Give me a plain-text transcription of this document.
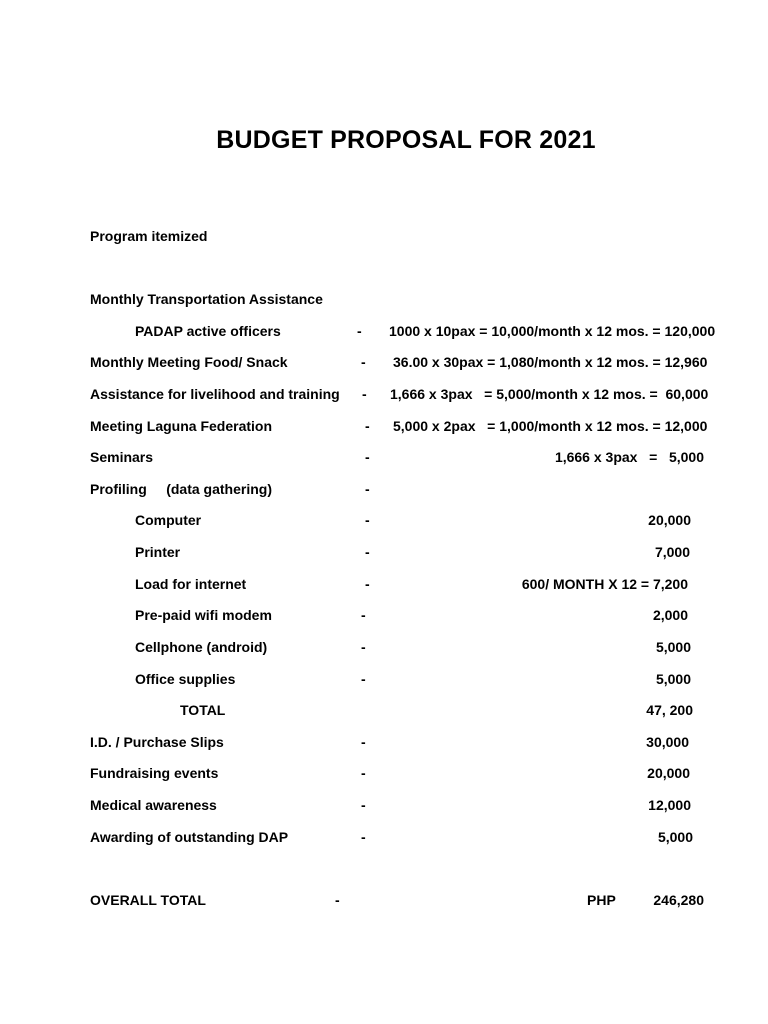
BUDGET PROPOSAL FOR 2021
Program itemized
Monthly Transportation Assistance
PADAP active officers	- 1000 x 10pax = 10,000/month x 12 mos. = 120,000
Monthly Meeting Food/ Snack	- 36.00 x 30pax = 1,080/month x 12 mos. = 12,960
Assistance for livelihood and training - 1,666 x 3pax   = 5,000/month x 12 mos. =  60,000
Meeting Laguna Federation	- 5,000 x 2pax   = 1,000/month x 12 mos. = 12,000
Seminars	-	1,666 x 3pax   =   5,000
Profiling     (data gathering)	-
Computer	-	20,000
Printer	-	7,000
Load for internet	-	600/ MONTH X 12 = 7,200
Pre-paid wifi modem	-	2,000
Cellphone (android)	-	5,000
Office supplies	-	5,000
TOTAL	47, 200
I.D. / Purchase Slips	-	30,000
Fundraising events	-	20,000
Medical awareness	-	12,000
Awarding of outstanding DAP	-	5,000
OVERALL TOTAL	-	PHP	246,280
